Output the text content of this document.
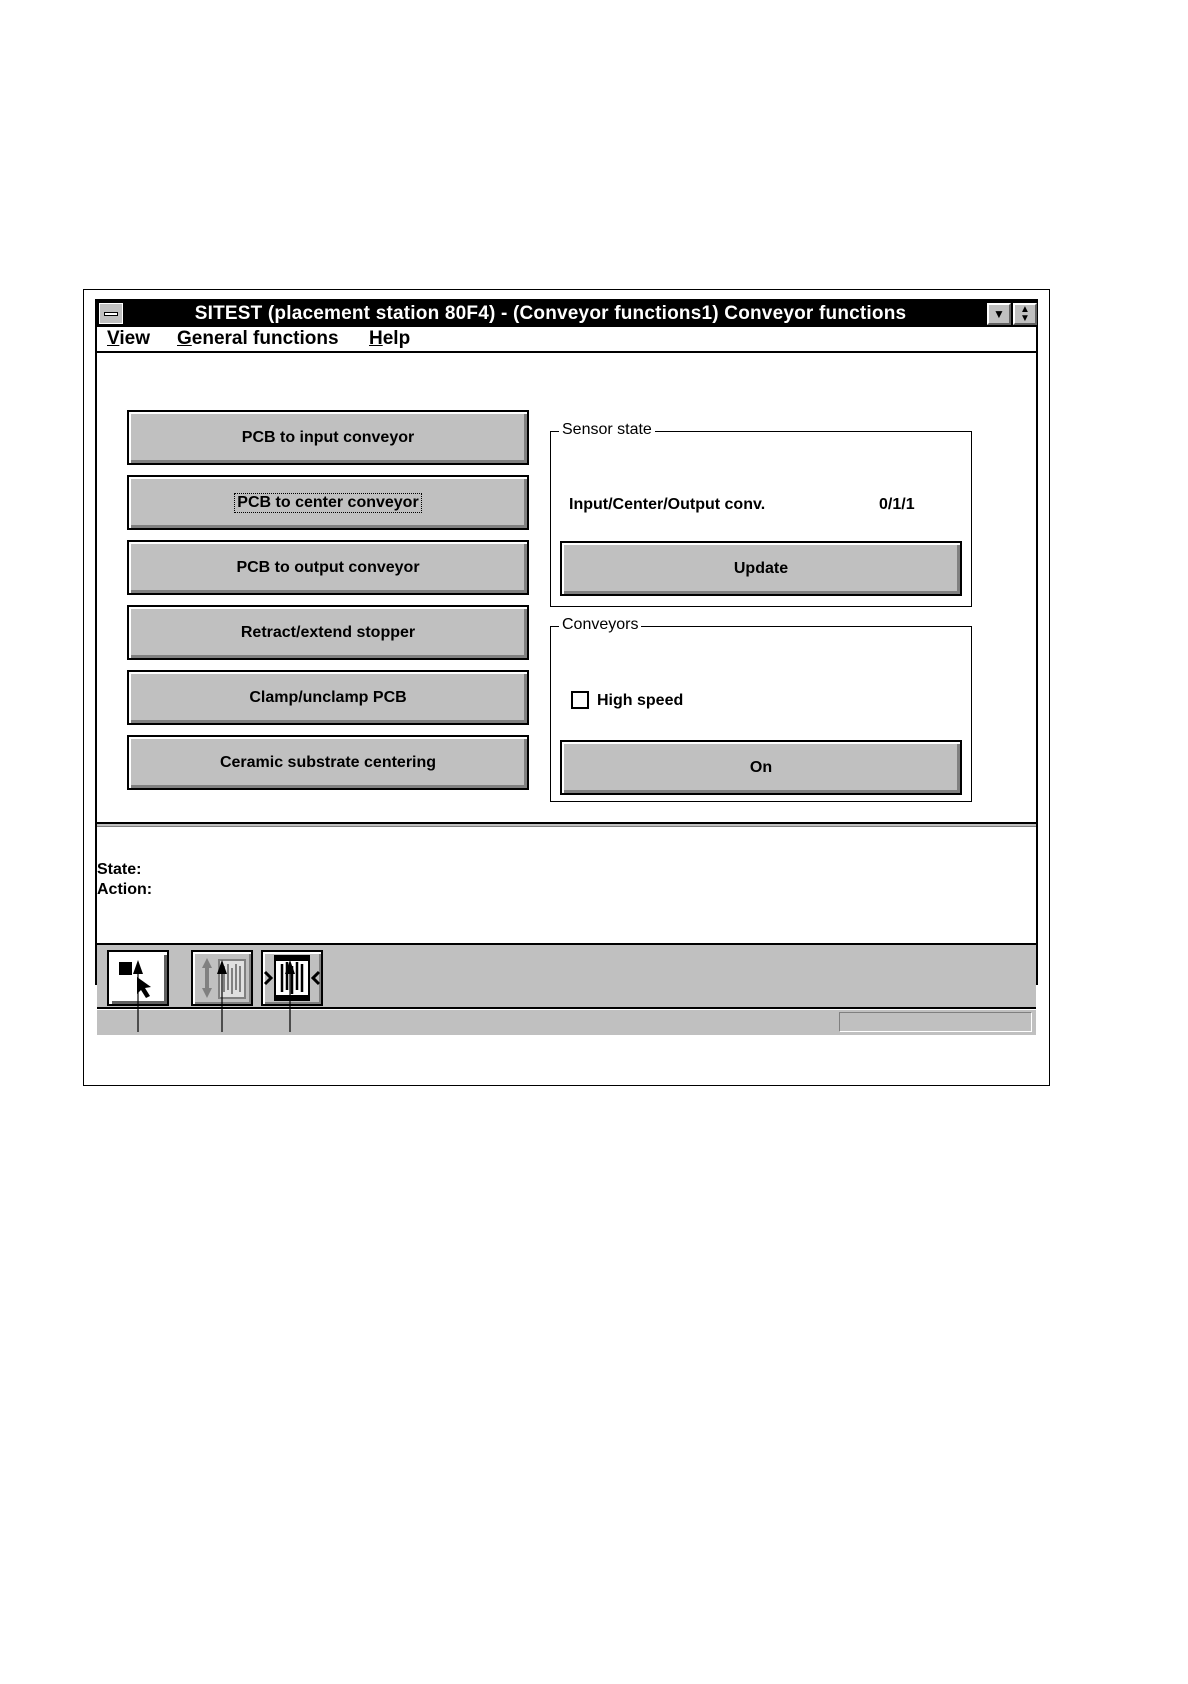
SITEST (placement station 80F4) - (Conveyor functions1) Conveyor functions	▼	▲
▼
View General functions Help
PCB to input conveyor
PCB to center conveyor
PCB to output conveyor
Retract/extend stopper
Clamp/unclamp PCB
Ceramic substrate centering
Sensor state
Input/Center/Output conv.	0/1/1
Update
Conveyors
High speed
On
State:
Action:
